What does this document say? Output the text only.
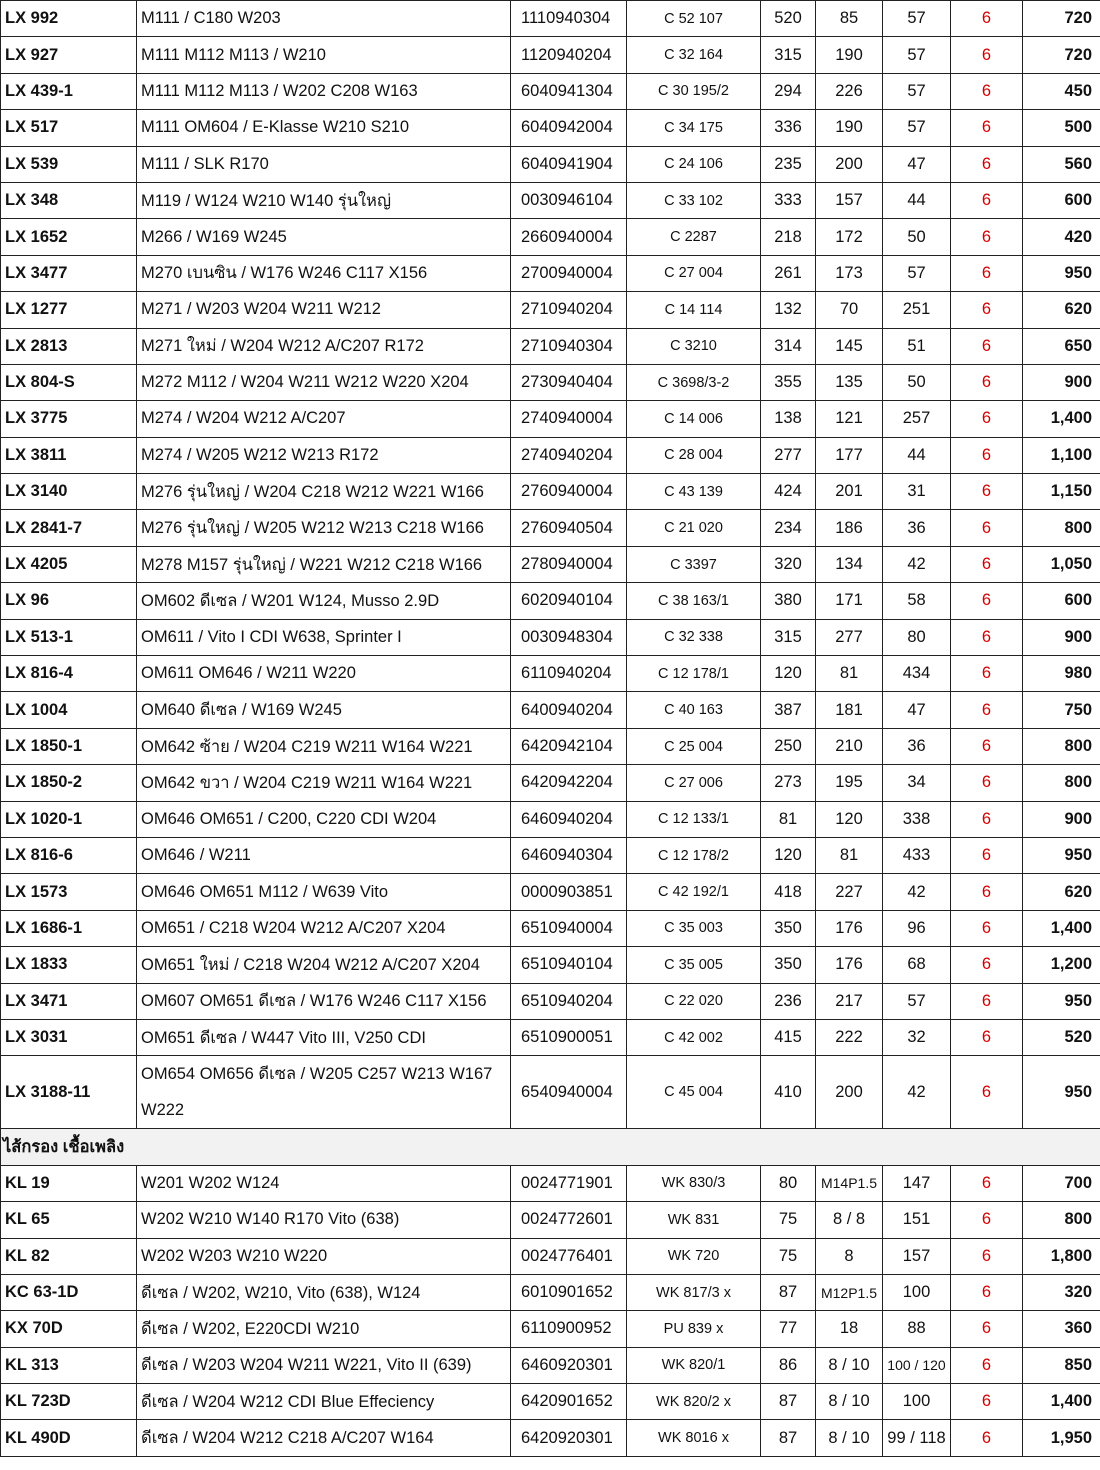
LX 992	M111 / C180 W203	1110940304	C 52 107	520	85	57	6	720
LX 927	M111 M112 M113 / W210	1120940204	C 32 164	315	190	57	6	720
LX 439-1	M111 M112 M113 / W202 C208 W163	6040941304	C 30 195/2	294	226	57	6	450
LX 517	M111 OM604 / E-Klasse W210 S210	6040942004	C 34 175	336	190	57	6	500
LX 539	M111 / SLK R170	6040941904	C 24 106	235	200	47	6	560
LX 348	M119 / W124 W210 W140 รุ่นใหญ่	0030946104	C 33 102	333	157	44	6	600
LX 1652	M266 / W169 W245	2660940004	C 2287	218	172	50	6	420
LX 3477	M270 เบนซิน / W176 W246 C117 X156	2700940004	C 27 004	261	173	57	6	950
LX 1277	M271 / W203 W204 W211 W212	2710940204	C 14 114	132	70	251	6	620
LX 2813	M271 ใหม่ / W204 W212 A/C207 R172	2710940304	C 3210	314	145	51	6	650
LX 804-S	M272 M112 / W204 W211 W212 W220 X204	2730940404	C 3698/3-2	355	135	50	6	900
LX 3775	M274 / W204 W212 A/C207	2740940004	C 14 006	138	121	257	6	1,400
LX 3811	M274 / W205 W212 W213 R172	2740940204	C 28 004	277	177	44	6	1,100
LX 3140	M276 รุ่นใหญ่ / W204 C218 W212 W221 W166	2760940004	C 43 139	424	201	31	6	1,150
LX 2841-7	M276 รุ่นใหญ่ / W205 W212 W213 C218 W166	2760940504	C 21 020	234	186	36	6	800
LX 4205	M278 M157 รุ่นใหญ่ / W221 W212 C218 W166	2780940004	C 3397	320	134	42	6	1,050
LX 96	OM602 ดีเซล / W201 W124, Musso 2.9D	6020940104	C 38 163/1	380	171	58	6	600
LX 513-1	OM611 / Vito I CDI W638, Sprinter I	0030948304	C 32 338	315	277	80	6	900
LX 816-4	OM611 OM646 / W211 W220	6110940204	C 12 178/1	120	81	434	6	980
LX 1004	OM640 ดีเซล / W169 W245	6400940204	C 40 163	387	181	47	6	750
LX 1850-1	OM642 ซ้าย / W204 C219 W211 W164 W221	6420942104	C 25 004	250	210	36	6	800
LX 1850-2	OM642 ขวา / W204 C219 W211 W164 W221	6420942204	C 27 006	273	195	34	6	800
LX 1020-1	OM646 OM651 / C200, C220 CDI W204	6460940204	C 12 133/1	81	120	338	6	900
LX 816-6	OM646 / W211	6460940304	C 12 178/2	120	81	433	6	950
LX 1573	OM646 OM651 M112 / W639 Vito	0000903851	C 42 192/1	418	227	42	6	620
LX 1686-1	OM651 / C218 W204 W212 A/C207 X204	6510940004	C 35 003	350	176	96	6	1,400
LX 1833	OM651 ใหม่ / C218 W204 W212 A/C207 X204	6510940104	C 35 005	350	176	68	6	1,200
LX 3471	OM607 OM651 ดีเซล / W176 W246 C117 X156	6510940204	C 22 020	236	217	57	6	950
LX 3031	OM651 ดีเซล / W447 Vito III, V250 CDI	6510900051	C 42 002	415	222	32	6	520
LX 3188-11	OM654 OM656 ดีเซล / W205 C257 W213 W167 W222	6540940004	C 45 004	410	200	42	6	950
ไส้กรอง เชื้อเพลิง								
KL 19	W201 W202 W124	0024771901	WK 830/3	80	M14P1.5	147	6	700
KL 65	W202 W210 W140 R170 Vito (638)	0024772601	WK 831	75	8 / 8	151	6	800
KL 82	W202 W203 W210 W220	0024776401	WK 720	75	8	157	6	1,800
KC 63-1D	ดีเซล / W202, W210, Vito (638), W124	6010901652	WK 817/3 x	87	M12P1.5	100	6	320
KX 70D	ดีเซล / W202, E220CDI W210	6110900952	PU 839 x	77	18	88	6	360
KL 313	ดีเซล / W203 W204 W211 W221, Vito II (639)	6460920301	WK 820/1	86	8 / 10	100 / 120	6	850
KL 723D	ดีเซล / W204 W212 CDI Blue Effeciency	6420901652	WK 820/2 x	87	8 / 10	100	6	1,400
KL 490D	ดีเซล / W204 W212 C218 A/C207 W164	6420920301	WK 8016 x	87	8 / 10	99 / 118	6	1,950
